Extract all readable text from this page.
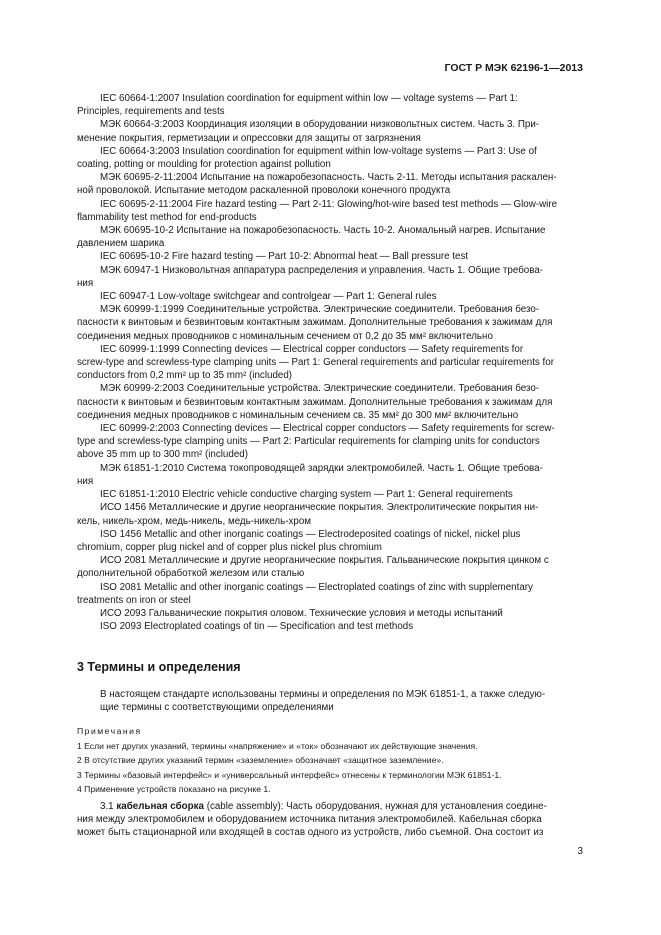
ГОСТ Р МЭК 62196-1—2013
IEC 60664-1:2007 Insulation coordination for equipment within low — voltage systems — Part 1:
Principles, requirements and tests
МЭК 60664-3:2003 Координация изоляции в оборудовании низковольтных систем. Часть 3. При-
менение покрытия, герметизации и опрессовки для защиты от загрязнения
IEC 60664-3:2003 Insulation coordination for equipment within low-voltage systems — Part 3: Use of
coating, potting or moulding for protection against pollution
МЭК 60695-2-11:2004 Испытание на пожаробезопасность. Часть 2-11. Методы испытания раскален-
ной проволокой. Испытание методом раскаленной проволоки конечного продукта
IEC 60695-2-11:2004 Fire hazard testing — Part 2-11: Glowing/hot-wire based test methods — Glow-wire
flammability test method for end-products
МЭК 60695-10-2 Испытание на пожаробезопасность. Часть 10-2. Аномальный нагрев. Испытание
давлением шарика
IEC 60695-10-2 Fire hazard testing — Part 10-2: Abnormal heat — Ball pressure test
МЭК 60947-1 Низковольтная аппаратура распределения и управления. Часть 1. Общие требова-
ния
IEC 60947-1 Low-voltage switchgear and controlgear — Part 1: General rules
МЭК 60999-1:1999 Соединительные устройства. Электрические соединители. Требования безо-
пасности к винтовым и безвинтовым контактным зажимам. Дополнительные требования к зажимам для
соединения медных проводников с номинальным сечением от 0,2 до 35 мм² включительно
IEC 60999-1:1999 Connecting devices — Electrical copper conductors — Safety requirements for
screw-type and screwless-type clamping units — Part 1: General requirements and particular requirements for
conductors from 0,2 mm² up to 35 mm² (included)
МЭК 60999-2:2003 Соединительные устройства. Электрические соединители. Требования безо-
пасности к винтовым и безвинтовым контактным зажимам. Дополнительные требования к зажимам для
соединения медных проводников с номинальным сечением св. 35 мм² до 300 мм² включительно
IEC 60999-2:2003 Connecting devices — Electrical copper conductors — Safety requirements for screw-
type and screwless-type clamping units — Part 2: Particular requirements for clamping units for conductors
above 35 mm up to 300 mm² (included)
МЭК 61851-1:2010 Система токопроводящей зарядки электромобилей. Часть 1. Общие требова-
ния
IEC 61851-1:2010 Electric vehicle conductive charging system — Part 1: General requirements
ИСО 1456 Металлические и другие неорганические покрытия. Электролитические покрытия ни-
кель, никель-хром, медь-никель, медь-никель-хром
ISO 1456 Metallic and other inorganic coatings — Electrodeposited coatings of nickel, nickel plus
chromium, copper plug nickel and of copper plus nickel plus chromium
ИСО 2081 Металлические и другие неорганические покрытия. Гальванические покрытия цинком с
дополнительной обработкой железом или сталью
ISO 2081 Metallic and other inorganic coatings — Electroplated coatings of zinc with supplementary
treatments on iron or steel
ИСО 2093 Гальванические покрытия оловом. Технические условия и методы испытаний
ISO 2093 Electroplated coatings of tin — Specification and test methods
3 Термины и определения
В настоящем стандарте использованы термины и определения по МЭК 61851-1, а также следую-
щие термины с соответствующими определениями
Примечания
1 Если нет других указаний, термины «напряжение» и «ток» обозначают их действующие значения.
2 В отсутствие других указаний термин «заземление» обозначает «защитное заземление».
3 Термины «базовый интерфейс» и «универсальный интерфейс» отнесены к терминологии МЭК 61851-1.
4 Применение устройств показано на рисунке 1.
3.1 кабельная сборка (cable assembly): Часть оборудования, нужная для установления соедине-
ния между электромобилем и оборудованием источника питания электромобилей. Кабельная сборка
может быть стационарной или входящей в состав одного из устройств, либо съемной. Она состоит из
3
